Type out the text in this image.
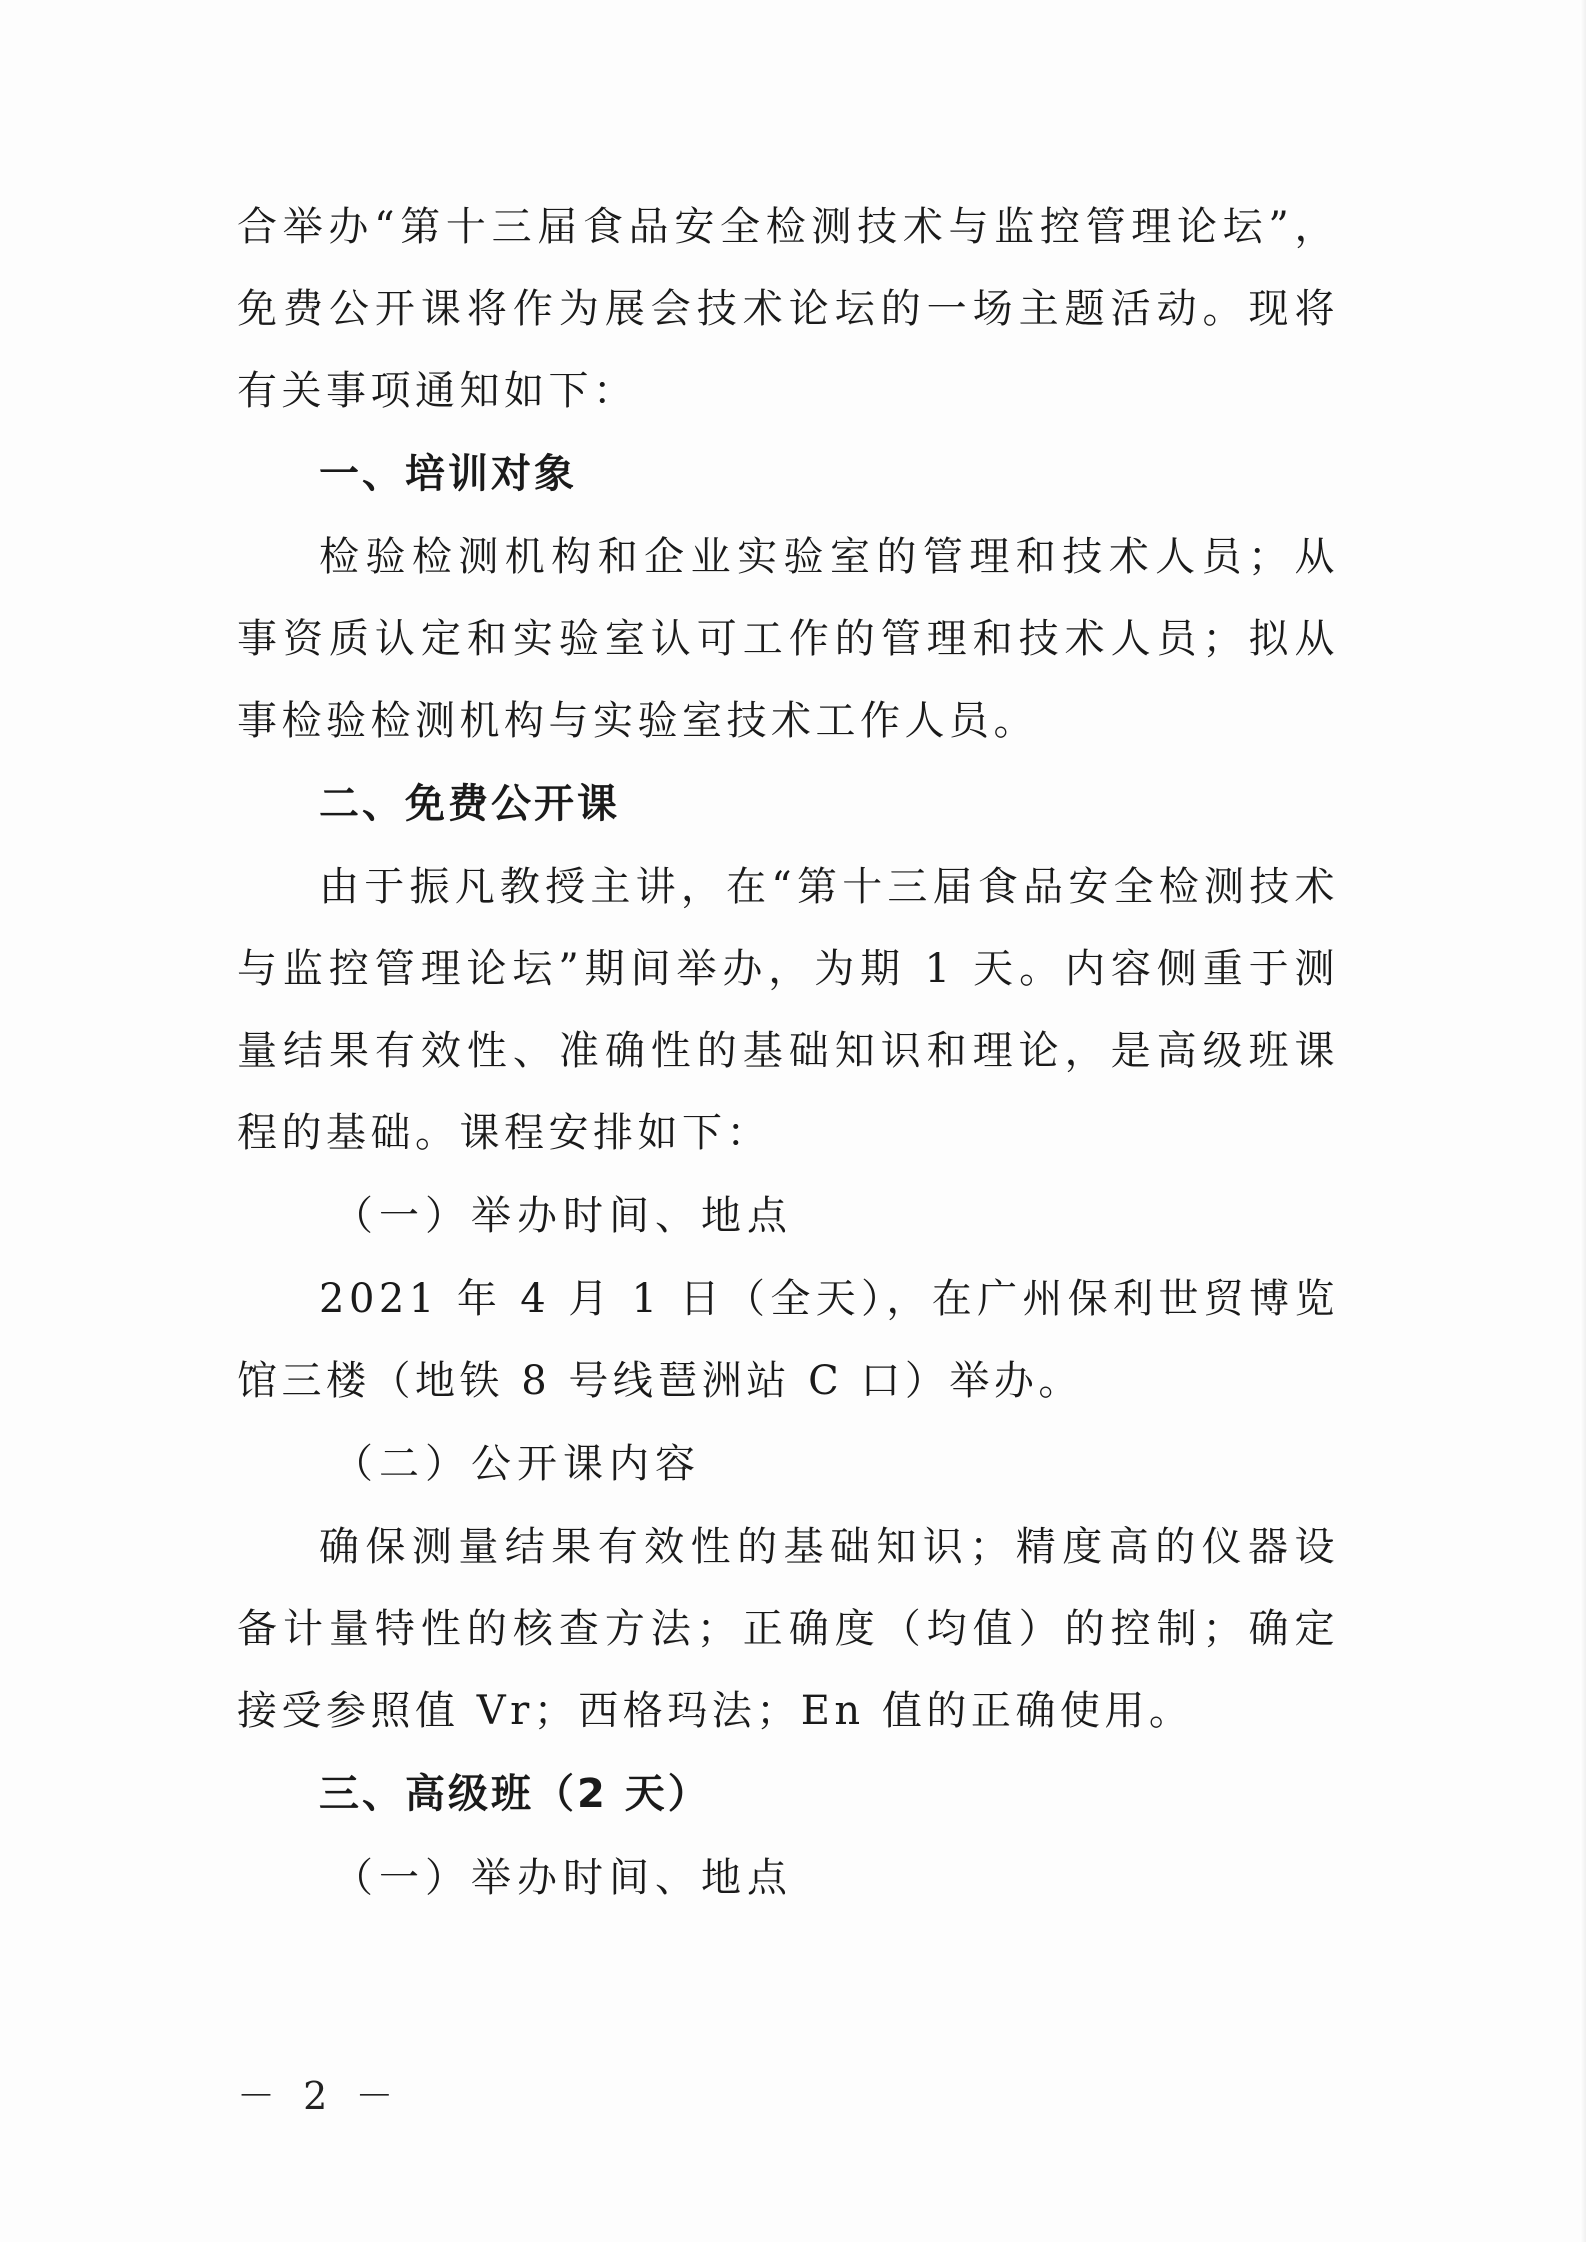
合举办“第十三届食品安全检测技术与监控管理论坛”，免费公开课将作为展会技术论坛的一场主题活动。现将有关事项通知如下：

一、培训对象

检验检测机构和企业实验室的管理和技术人员；从事资质认定和实验室认可工作的管理和技术人员；拟从事检验检测机构与实验室技术工作人员。

二、免费公开课

由于振凡教授主讲，在“第十三届食品安全检测技术与监控管理论坛”期间举办，为期 1 天。内容侧重于测量结果有效性、准确性的基础知识和理论，是高级班课程的基础。课程安排如下：

（一）举办时间、地点

2021 年 4 月 1 日（全天），在广州保利世贸博览馆三楼（地铁 8 号线琶洲站 C 口）举办。

（二）公开课内容

确保测量结果有效性的基础知识；精度高的仪器设备计量特性的核查方法；正确度（均值）的控制；确定接受参照值 Vr；西格玛法；En 值的正确使用。

三、高级班（2 天）

（一）举办时间、地点

－ 2 －
